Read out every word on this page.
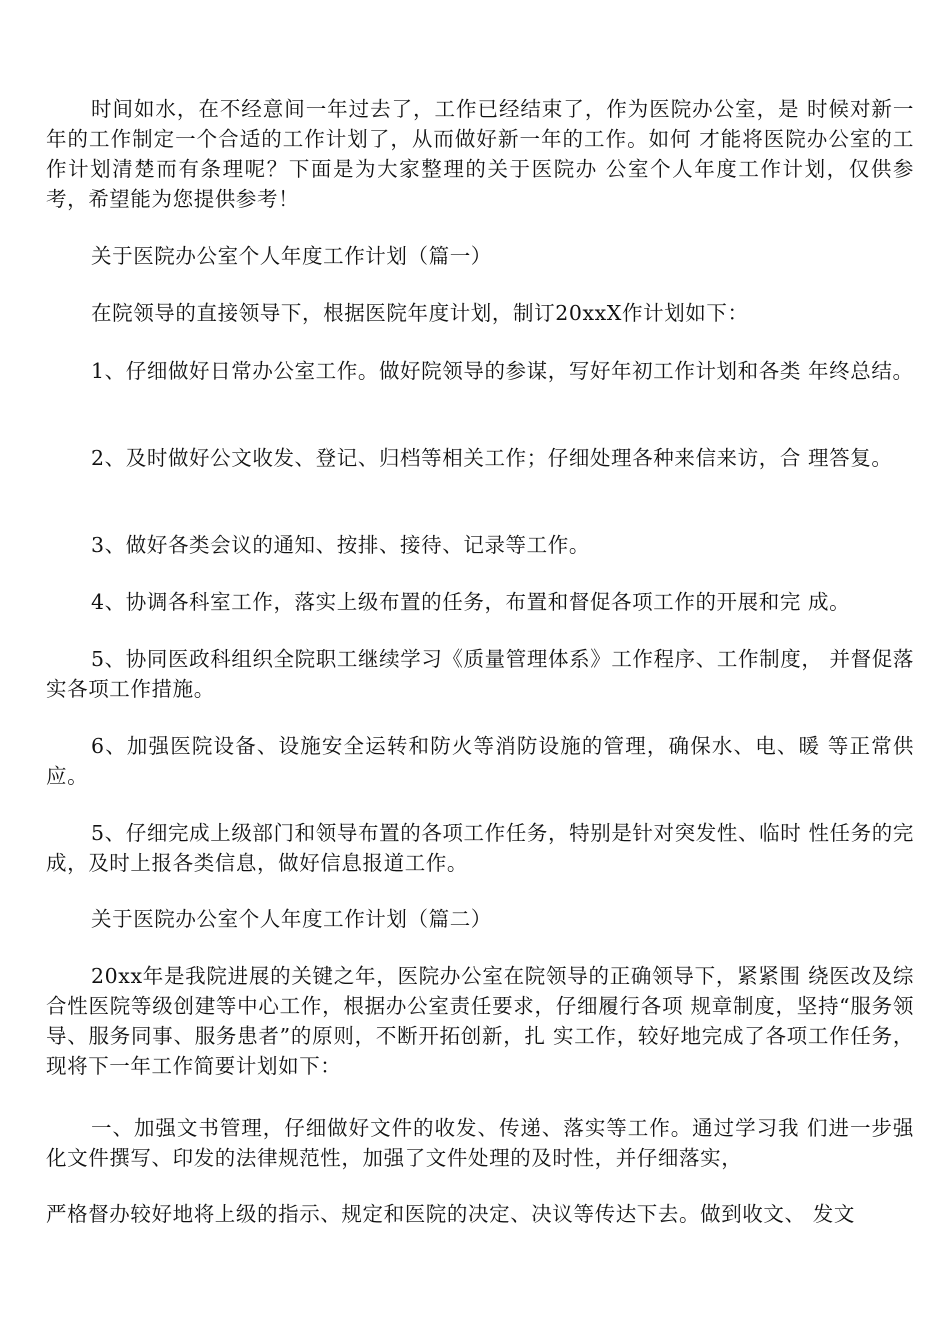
时间如水，在不经意间一年过去了，工作已经结束了，作为医院办公室，是 时候对新一年的工作制定一个合适的工作计划了，从而做好新一年的工作。如何 才能将医院办公室的工作计划清楚而有条理呢？下面是为大家整理的关于医院办 公室个人年度工作计划，仅供参考，希望能为您提供参考！

关于医院办公室个人年度工作计划（篇一）

在院领导的直接领导下，根据医院年度计划，制订20xxX作计划如下：

1、仔细做好日常办公室工作。做好院领导的参谋，写好年初工作计划和各类 年终总结。

2、及时做好公文收发、登记、归档等相关工作；仔细处理各种来信来访，合 理答复。

3、做好各类会议的通知、按排、接待、记录等工作。

4、协调各科室工作，落实上级布置的任务，布置和督促各项工作的开展和完 成。

5、协同医政科组织全院职工继续学习《质量管理体系》工作程序、工作制度， 并督促落实各项工作措施。

6、加强医院设备、设施安全运转和防火等消防设施的管理，确保水、电、暖 等正常供应。

5、仔细完成上级部门和领导布置的各项工作任务，特别是针对突发性、临时 性任务的完成，及时上报各类信息，做好信息报道工作。

关于医院办公室个人年度工作计划（篇二）

20xx年是我院进展的关键之年，医院办公室在院领导的正确领导下，紧紧围 绕医改及综合性医院等级创建等中心工作，根据办公室责任要求，仔细履行各项 规章制度，坚持“服务领导、服务同事、服务患者”的原则，不断开拓创新，扎 实工作，较好地完成了各项工作任务，现将下一年工作简要计划如下：

一、加强文书管理，仔细做好文件的收发、传递、落实等工作。通过学习我 们进一步强化文件撰写、印发的法律规范性，加强了文件处理的及时性，并仔细落实，

严格督办较好地将上级的指示、规定和医院的决定、决议等传达下去。做到收文、 发文
